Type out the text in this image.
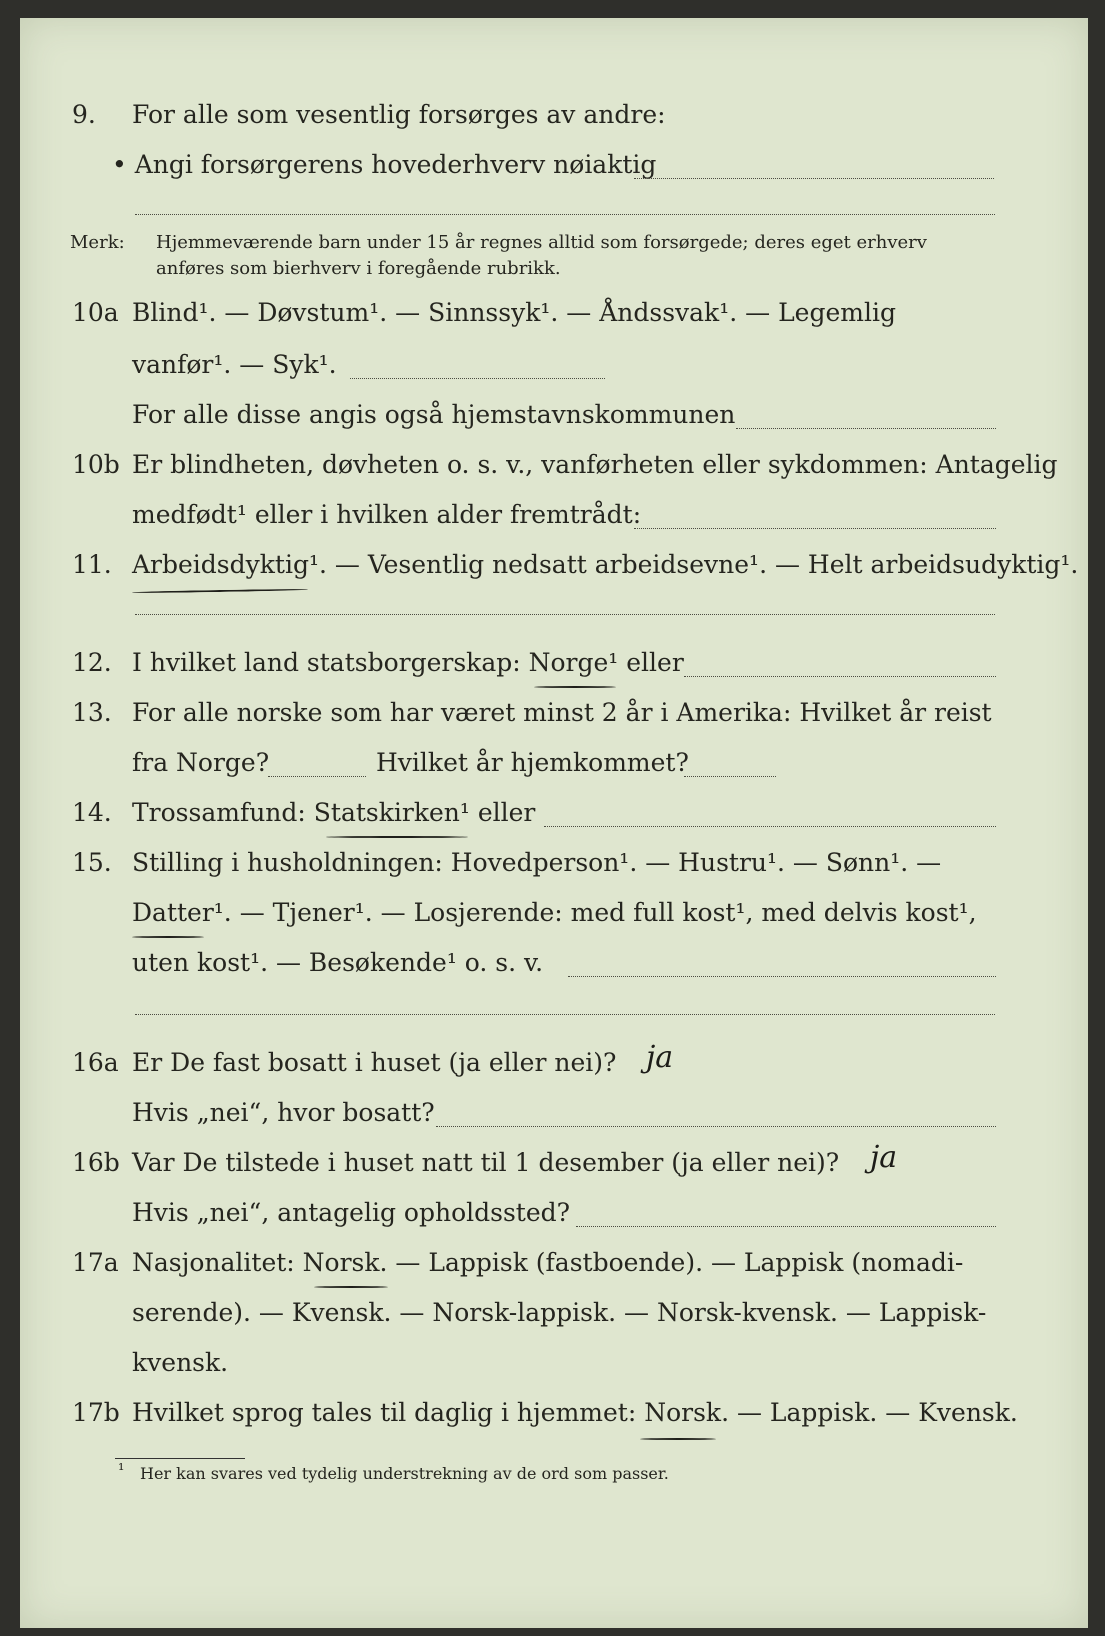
9. For alle som vesentlig forsørges av andre:
• Angi forsørgerens hovederhverv nøiaktig
Merk: Hjemmeværende barn under 15 år regnes alltid som forsørgede; deres eget erhverv
anføres som bierhverv i foregående rubrikk.
10a Blind¹. — Døvstum¹. — Sinnssyk¹. — Åndssvak¹. — Legemlig
vanfør¹. — Syk¹.
For alle disse angis også hjemstavnskommunen
10b Er blindheten, døvheten o. s. v., vanførheten eller sykdommen: Antagelig
medfødt¹ eller i hvilken alder fremtrådt:
11. Arbeidsdyktig¹. — Vesentlig nedsatt arbeidsevne¹. — Helt arbeidsudyktig¹.
12. I hvilket land statsborgerskap: Norge¹ eller
13. For alle norske som har været minst 2 år i Amerika: Hvilket år reist
fra Norge?	Hvilket år hjemkommet?
14. Trossamfund: Statskirken¹ eller
15. Stilling i husholdningen: Hovedperson¹. — Hustru¹. — Sønn¹. —
Datter¹. — Tjener¹. — Losjerende: med full kost¹, med delvis kost¹,
uten kost¹. — Besøkende¹ o. s. v.
16a Er De fast bosatt i huset (ja eller nei)? ja
Hvis „nei“, hvor bosatt?
16b Var De tilstede i huset natt til 1 desember (ja eller nei)? ja
Hvis „nei“, antagelig opholdssted?
17a Nasjonalitet: Norsk. — Lappisk (fastboende). — Lappisk (nomadi-
serende). — Kvensk. — Norsk-lappisk. — Norsk-kvensk. — Lappisk-
kvensk.
17b Hvilket sprog tales til daglig i hjemmet: Norsk. — Lappisk. — Kvensk.
¹ Her kan svares ved tydelig understrekning av de ord som passer.
